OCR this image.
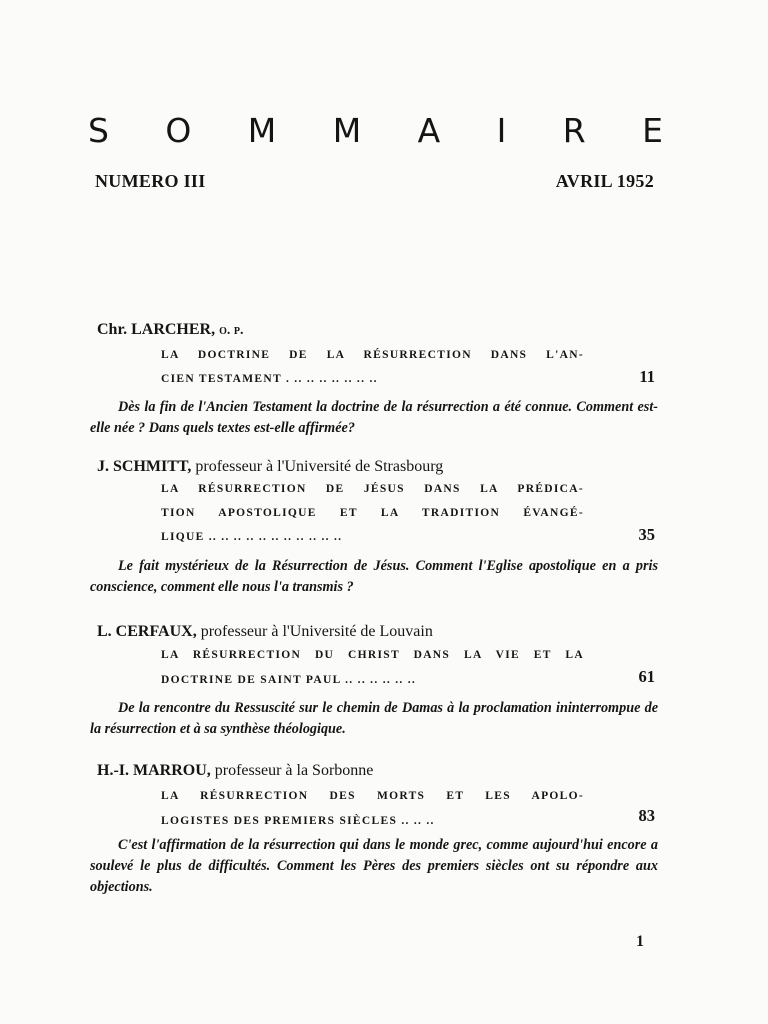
S O M M A I R E
NUMERO III	AVRIL 1952
Chr. LARCHER, o. p.
LA DOCTRINE DE LA RÉSURRECTION DANS L'AN-
CIEN TESTAMENT . .. .. .. .. .. .. ..	11
Dès la fin de l'Ancien Testament la doctrine de la résurrection a été connue. Comment est-elle née ? Dans quels textes est-elle affirmée?
J. SCHMITT, professeur à l'Université de Strasbourg
LA RÉSURRECTION DE JÉSUS DANS LA PRÉDICA-
TION APOSTOLIQUE ET LA TRADITION ÉVANGÉ-
LIQUE .. .. .. .. .. .. .. .. .. .. ..	35
Le fait mystérieux de la Résurrection de Jésus. Comment l'Eglise apostolique en a pris conscience, comment elle nous l'a transmis ?
L. CERFAUX, professeur à l'Université de Louvain
LA RÉSURRECTION DU CHRIST DANS LA VIE ET LA
DOCTRINE DE SAINT PAUL .. .. .. .. .. ..	61
De la rencontre du Ressuscité sur le chemin de Damas à la proclamation ininterrompue de la résurrection et à sa synthèse théologique.
H.-I. MARROU, professeur à la Sorbonne
LA RÉSURRECTION DES MORTS ET LES APOLO-
LOGISTES DES PREMIERS SIÈCLES .. .. ..	83
C'est l'affirmation de la résurrection qui dans le monde grec, comme aujourd'hui encore a soulevé le plus de difficultés. Comment les Pères des premiers siècles ont su répondre aux objections.
1
